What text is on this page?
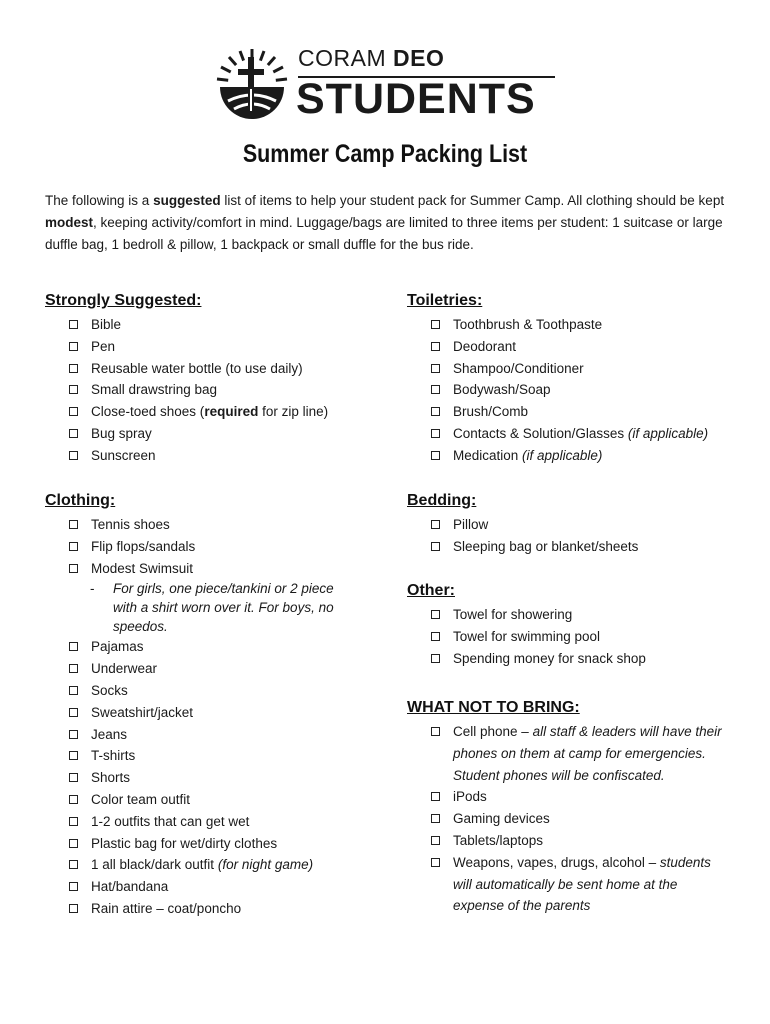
CORAM DEO
STUDENTS
Summer Camp Packing List
The following is a suggested list of items to help your student pack for Summer Camp. All clothing should be kept modest, keeping activity/comfort in mind. Luggage/bags are limited to three items per student: 1 suitcase or large duffle bag, 1 bedroll & pillow, 1 backpack or small duffle for the bus ride.
Strongly Suggested:
Bible
Pen
Reusable water bottle (to use daily)
Small drawstring bag
Close-toed shoes (required for zip line)
Bug spray
Sunscreen
Toiletries:
Toothbrush & Toothpaste
Deodorant
Shampoo/Conditioner
Bodywash/Soap
Brush/Comb
Contacts & Solution/Glasses (if applicable)
Medication (if applicable)
Clothing:
Tennis shoes
Flip flops/sandals
Modest Swimsuit
- For girls, one piece/tankini or 2 piece with a shirt worn over it. For boys, no speedos.
Pajamas
Underwear
Socks
Sweatshirt/jacket
Jeans
T-shirts
Shorts
Color team outfit
1-2 outfits that can get wet
Plastic bag for wet/dirty clothes
1 all black/dark outfit (for night game)
Hat/bandana
Rain attire – coat/poncho
Bedding:
Pillow
Sleeping bag or blanket/sheets
Other:
Towel for showering
Towel for swimming pool
Spending money for snack shop
WHAT NOT TO BRING:
Cell phone – all staff & leaders will have their phones on them at camp for emergencies. Student phones will be confiscated.
iPods
Gaming devices
Tablets/laptops
Weapons, vapes, drugs, alcohol – students will automatically be sent home at the expense of the parents
